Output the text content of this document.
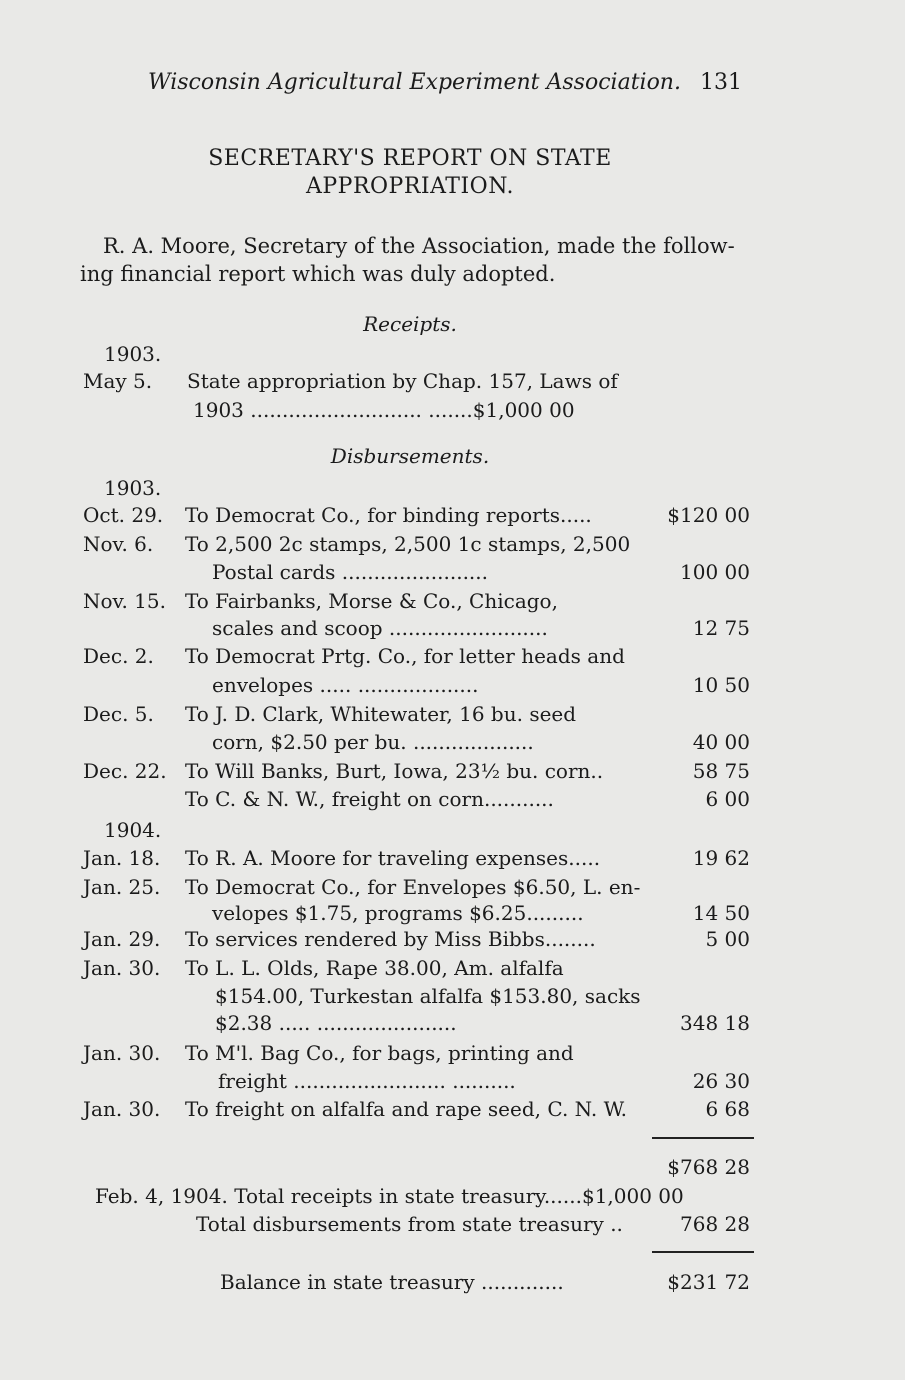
Wisconsin Agricultural Experiment Association. 131
SECRETARY'S REPORT ON STATE
APPROPRIATION.
R. A. Moore, Secretary of the Association, made the follow-
ing financial report which was duly adopted.
Receipts.
1903.
May 5.	State appropriation by Chap. 157, Laws of
1903 ........................... .......$1,000 00
Disbursements.
1903.
Oct. 29.	To Democrat Co., for binding reports.....	$120 00
Nov. 6.	To 2,500 2c stamps, 2,500 1c stamps, 2,500
Postal cards .......................	100 00
Nov. 15. To Fairbanks, Morse & Co., Chicago,
scales and scoop .........................	12 75
Dec. 2.	To Democrat Prtg. Co., for letter heads and
envelopes ..... ...................	10 50
Dec. 5.	To J. D. Clark, Whitewater, 16 bu. seed
corn, $2.50 per bu. ...................	40 00
Dec. 22. To Will Banks, Burt, Iowa, 23½ bu. corn..	58 75
To C. & N. W., freight on corn...........	6 00
1904.
Jan. 18.	To R. A. Moore for traveling expenses.....	19 62
Jan. 25.	To Democrat Co., for Envelopes $6.50, L. en-
velopes $1.75, programs $6.25.........	14 50
Jan. 29.	To services rendered by Miss Bibbs........	5 00
Jan. 30.	To L. L. Olds, Rape 38.00, Am. alfalfa
$154.00, Turkestan alfalfa $153.80, sacks
$2.38 ..... ......................	348 18
Jan. 30.	To M'l. Bag Co., for bags, printing and
freight ........................ ..........	26 30
Jan. 30.	To freight on alfalfa and rape seed, C. N. W.	6 68
$768 28
Feb. 4, 1904. Total receipts in state treasury......$1,000 00
Total disbursements from state treasury ..	768 28
Balance in state treasury .............	$231 72
